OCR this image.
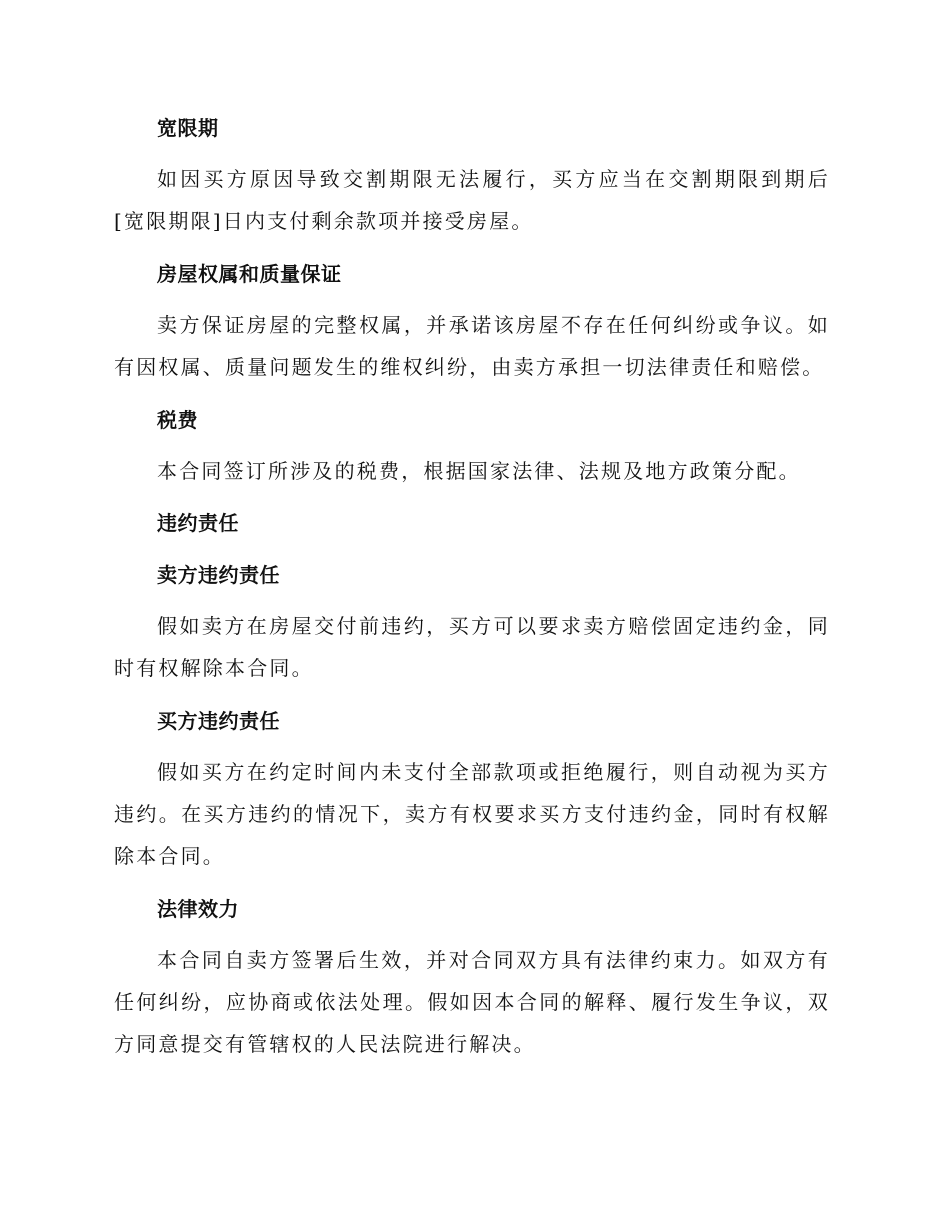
宽限期
如因买方原因导致交割期限无法履行，买方应当在交割期限到期后[宽限期限]日内支付剩余款项并接受房屋。
房屋权属和质量保证
卖方保证房屋的完整权属，并承诺该房屋不存在任何纠纷或争议。如有因权属、质量问题发生的维权纠纷，由卖方承担一切法律责任和赔偿。
税费
本合同签订所涉及的税费，根据国家法律、法规及地方政策分配。
违约责任
卖方违约责任
假如卖方在房屋交付前违约，买方可以要求卖方赔偿固定违约金，同时有权解除本合同。
买方违约责任
假如买方在约定时间内未支付全部款项或拒绝履行，则自动视为买方违约。在买方违约的情况下，卖方有权要求买方支付违约金，同时有权解除本合同。
法律效力
本合同自卖方签署后生效，并对合同双方具有法律约束力。如双方有任何纠纷，应协商或依法处理。假如因本合同的解释、履行发生争议，双方同意提交有管辖权的人民法院进行解决。
